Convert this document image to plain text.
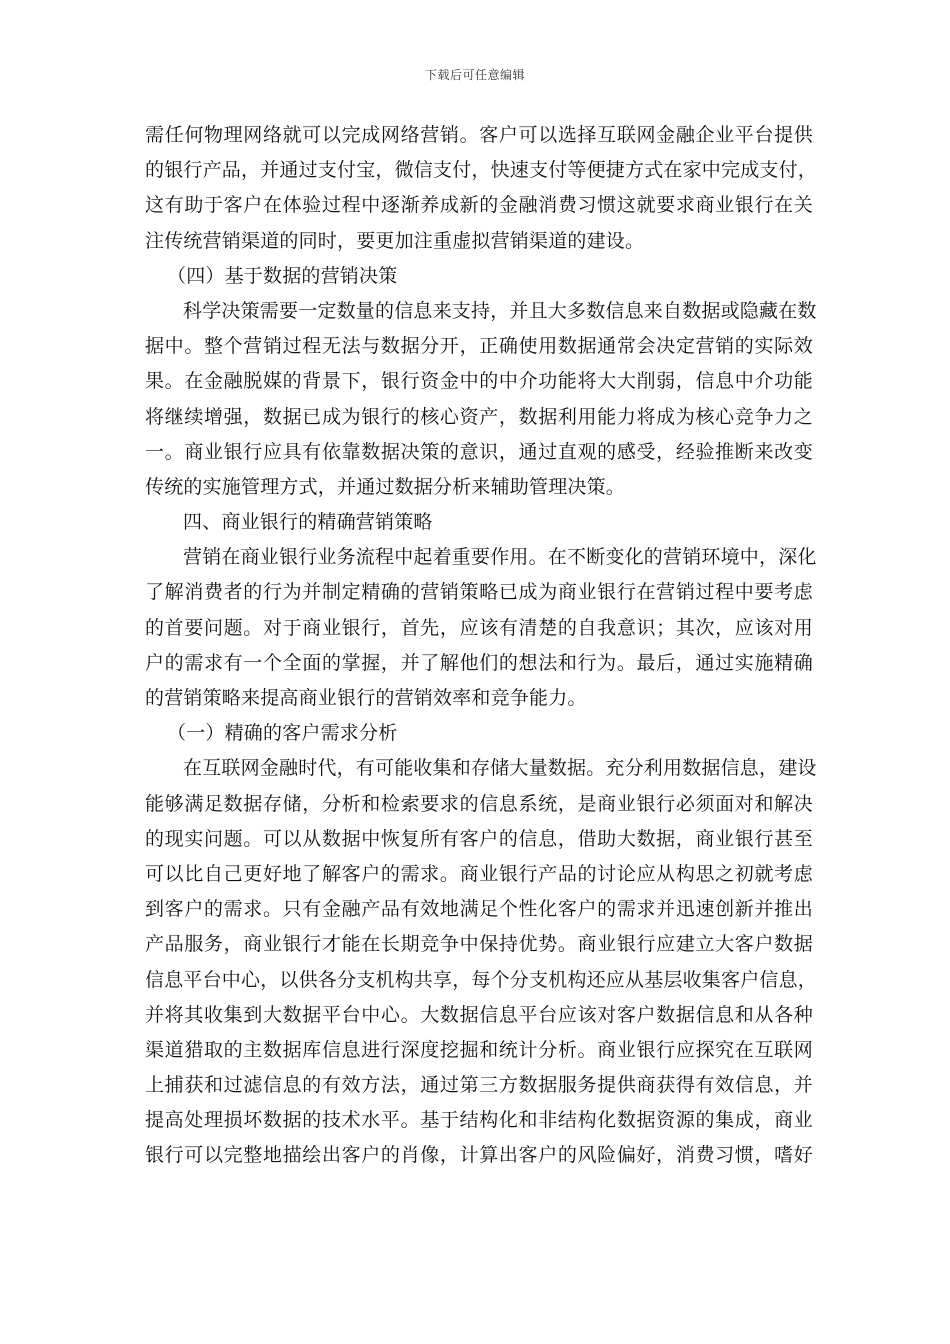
下载后可任意编辑
需任何物理网络就可以完成网络营销。客户可以选择互联网金融企业平台提供
的银行产品，并通过支付宝，微信支付，快速支付等便捷方式在家中完成支付，
这有助于客户在体验过程中逐渐养成新的金融消费习惯这就要求商业银行在关
注传统营销渠道的同时，要更加注重虚拟营销渠道的建设。
（四）基于数据的营销决策
科学决策需要一定数量的信息来支持，并且大多数信息来自数据或隐藏在数
据中。整个营销过程无法与数据分开，正确使用数据通常会决定营销的实际效
果。在金融脱媒的背景下，银行资金中的中介功能将大大削弱，信息中介功能
将继续增强，数据已成为银行的核心资产，数据利用能力将成为核心竞争力之
一。商业银行应具有依靠数据决策的意识，通过直观的感受，经验推断来改变
传统的实施管理方式，并通过数据分析来辅助管理决策。
四、商业银行的精确营销策略
营销在商业银行业务流程中起着重要作用。在不断变化的营销环境中，深化
了解消费者的行为并制定精确的营销策略已成为商业银行在营销过程中要考虑
的首要问题。对于商业银行，首先，应该有清楚的自我意识；其次，应该对用
户的需求有一个全面的掌握，并了解他们的想法和行为。最后，通过实施精确
的营销策略来提高商业银行的营销效率和竞争能力。
（一）精确的客户需求分析
在互联网金融时代，有可能收集和存储大量数据。充分利用数据信息，建设
能够满足数据存储，分析和检索要求的信息系统，是商业银行必须面对和解决
的现实问题。可以从数据中恢复所有客户的信息，借助大数据，商业银行甚至
可以比自己更好地了解客户的需求。商业银行产品的讨论应从构思之初就考虑
到客户的需求。只有金融产品有效地满足个性化客户的需求并迅速创新并推出
产品服务，商业银行才能在长期竞争中保持优势。商业银行应建立大客户数据
信息平台中心，以供各分支机构共享，每个分支机构还应从基层收集客户信息，
并将其收集到大数据平台中心。大数据信息平台应该对客户数据信息和从各种
渠道猎取的主数据库信息进行深度挖掘和统计分析。商业银行应探究在互联网
上捕获和过滤信息的有效方法，通过第三方数据服务提供商获得有效信息，并
提高处理损坏数据的技术水平。基于结构化和非结构化数据资源的集成，商业
银行可以完整地描绘出客户的肖像，计算出客户的风险偏好，消费习惯，嗜好
